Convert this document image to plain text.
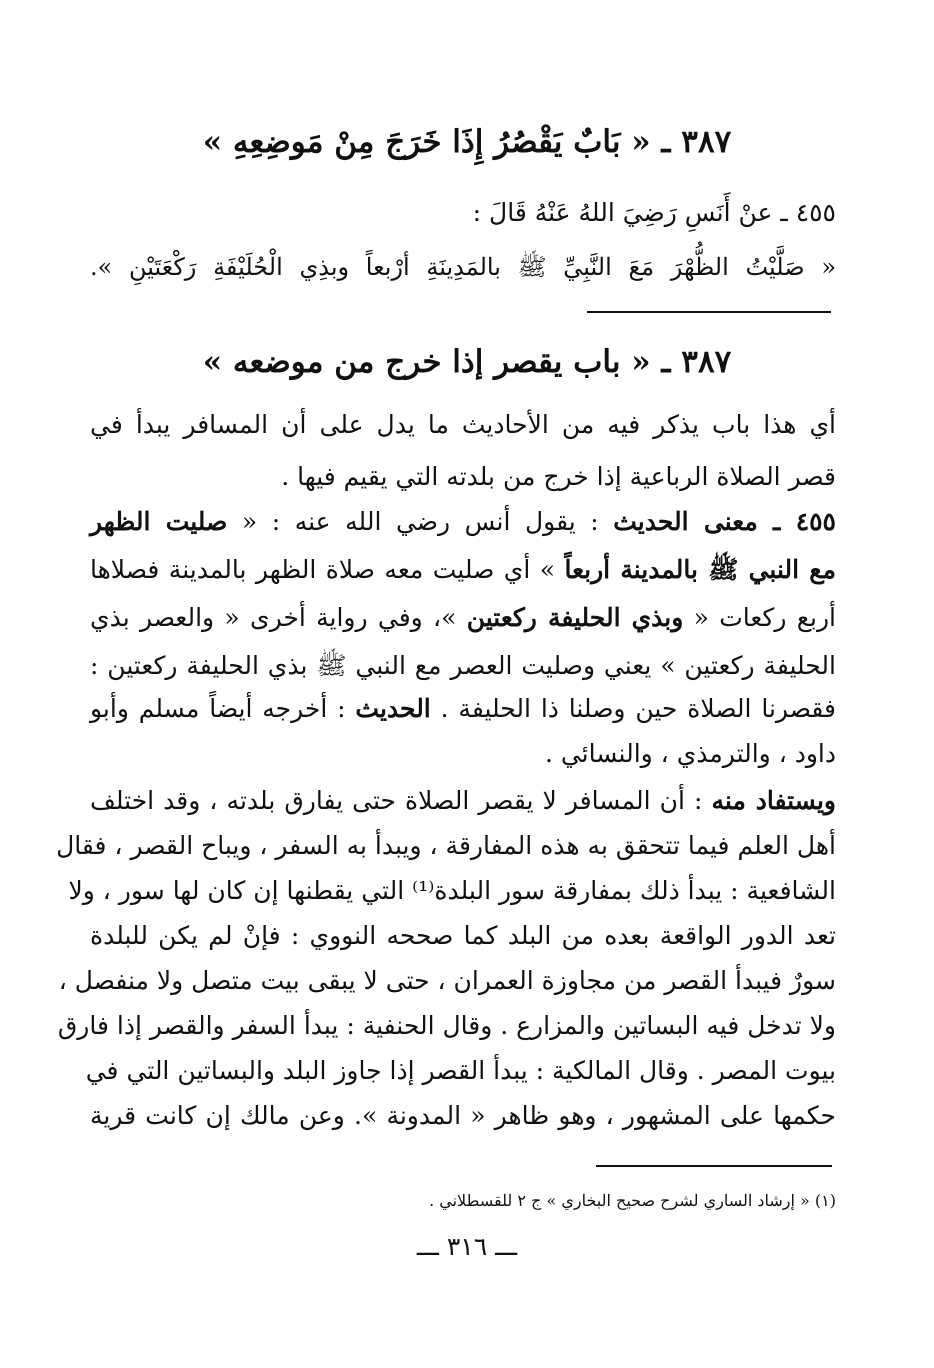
٣٨٧ ـ « بَابٌ يَقْصُرُ إِذَا خَرَجَ مِنْ مَوضِعِهِ »
٤٥٥ ـ عنْ أَنَسِ رَضِيَ اللهُ عَنْهُ قَالَ :
« صَلَّيْتُ الظُّهْرَ مَعَ النَّبِيِّ ﷺ بالمَدِينَةِ أرْبعاً وبذِي الْحُلَيْفَةِ رَكْعَتَيْنِ ».
٣٨٧ ـ « باب يقصر إذا خرج من موضعه »
أي هذا باب يذكر فيه من الأحاديث ما يدل على أن المسافر يبدأ في
قصر الصلاة الرباعية إذا خرج من بلدته التي يقيم فيها .
٤٥٥ ـ معنى الحديث : يقول أنس رضي الله عنه : « صليت الظهر
مع النبي ﷺ بالمدينة أربعاً » أي صليت معه صلاة الظهر بالمدينة فصلاها
أربع ركعات « وبذي الحليفة ركعتين »، وفي رواية أخرى « والعصر بذي
الحليفة ركعتين » يعني وصليت العصر مع النبي ﷺ بذي الحليفة ركعتين :
فقصرنا الصلاة حين وصلنا ذا الحليفة . الحديث : أخرجه أيضاً مسلم وأبو
داود ، والترمذي ، والنسائي .
ويستفاد منه : أن المسافر لا يقصر الصلاة حتى يفارق بلدته ، وقد اختلف
أهل العلم فيما تتحقق به هذه المفارقة ، ويبدأ به السفر ، ويباح القصر ، فقال
الشافعية : يبدأ ذلك بمفارقة سور البلدة⁽¹⁾ التي يقطنها إن كان لها سور ، ولا
تعد الدور الواقعة بعده من البلد كما صححه النووي : فإنْ لم يكن للبلدة
سورٌ فيبدأ القصر من مجاوزة العمران ، حتى لا يبقى بيت متصل ولا منفصل ،
ولا تدخل فيه البساتين والمزارع . وقال الحنفية : يبدأ السفر والقصر إذا فارق
بيوت المصر . وقال المالكية : يبدأ القصر إذا جاوز البلد والبساتين التي في
حكمها على المشهور ، وهو ظاهر « المدونة ». وعن مالك إن كانت قرية
(١) « إرشاد الساري لشرح صحيح البخاري » ج ٢ للقسطلاني .
ـــ ٣١٦ ـــ
